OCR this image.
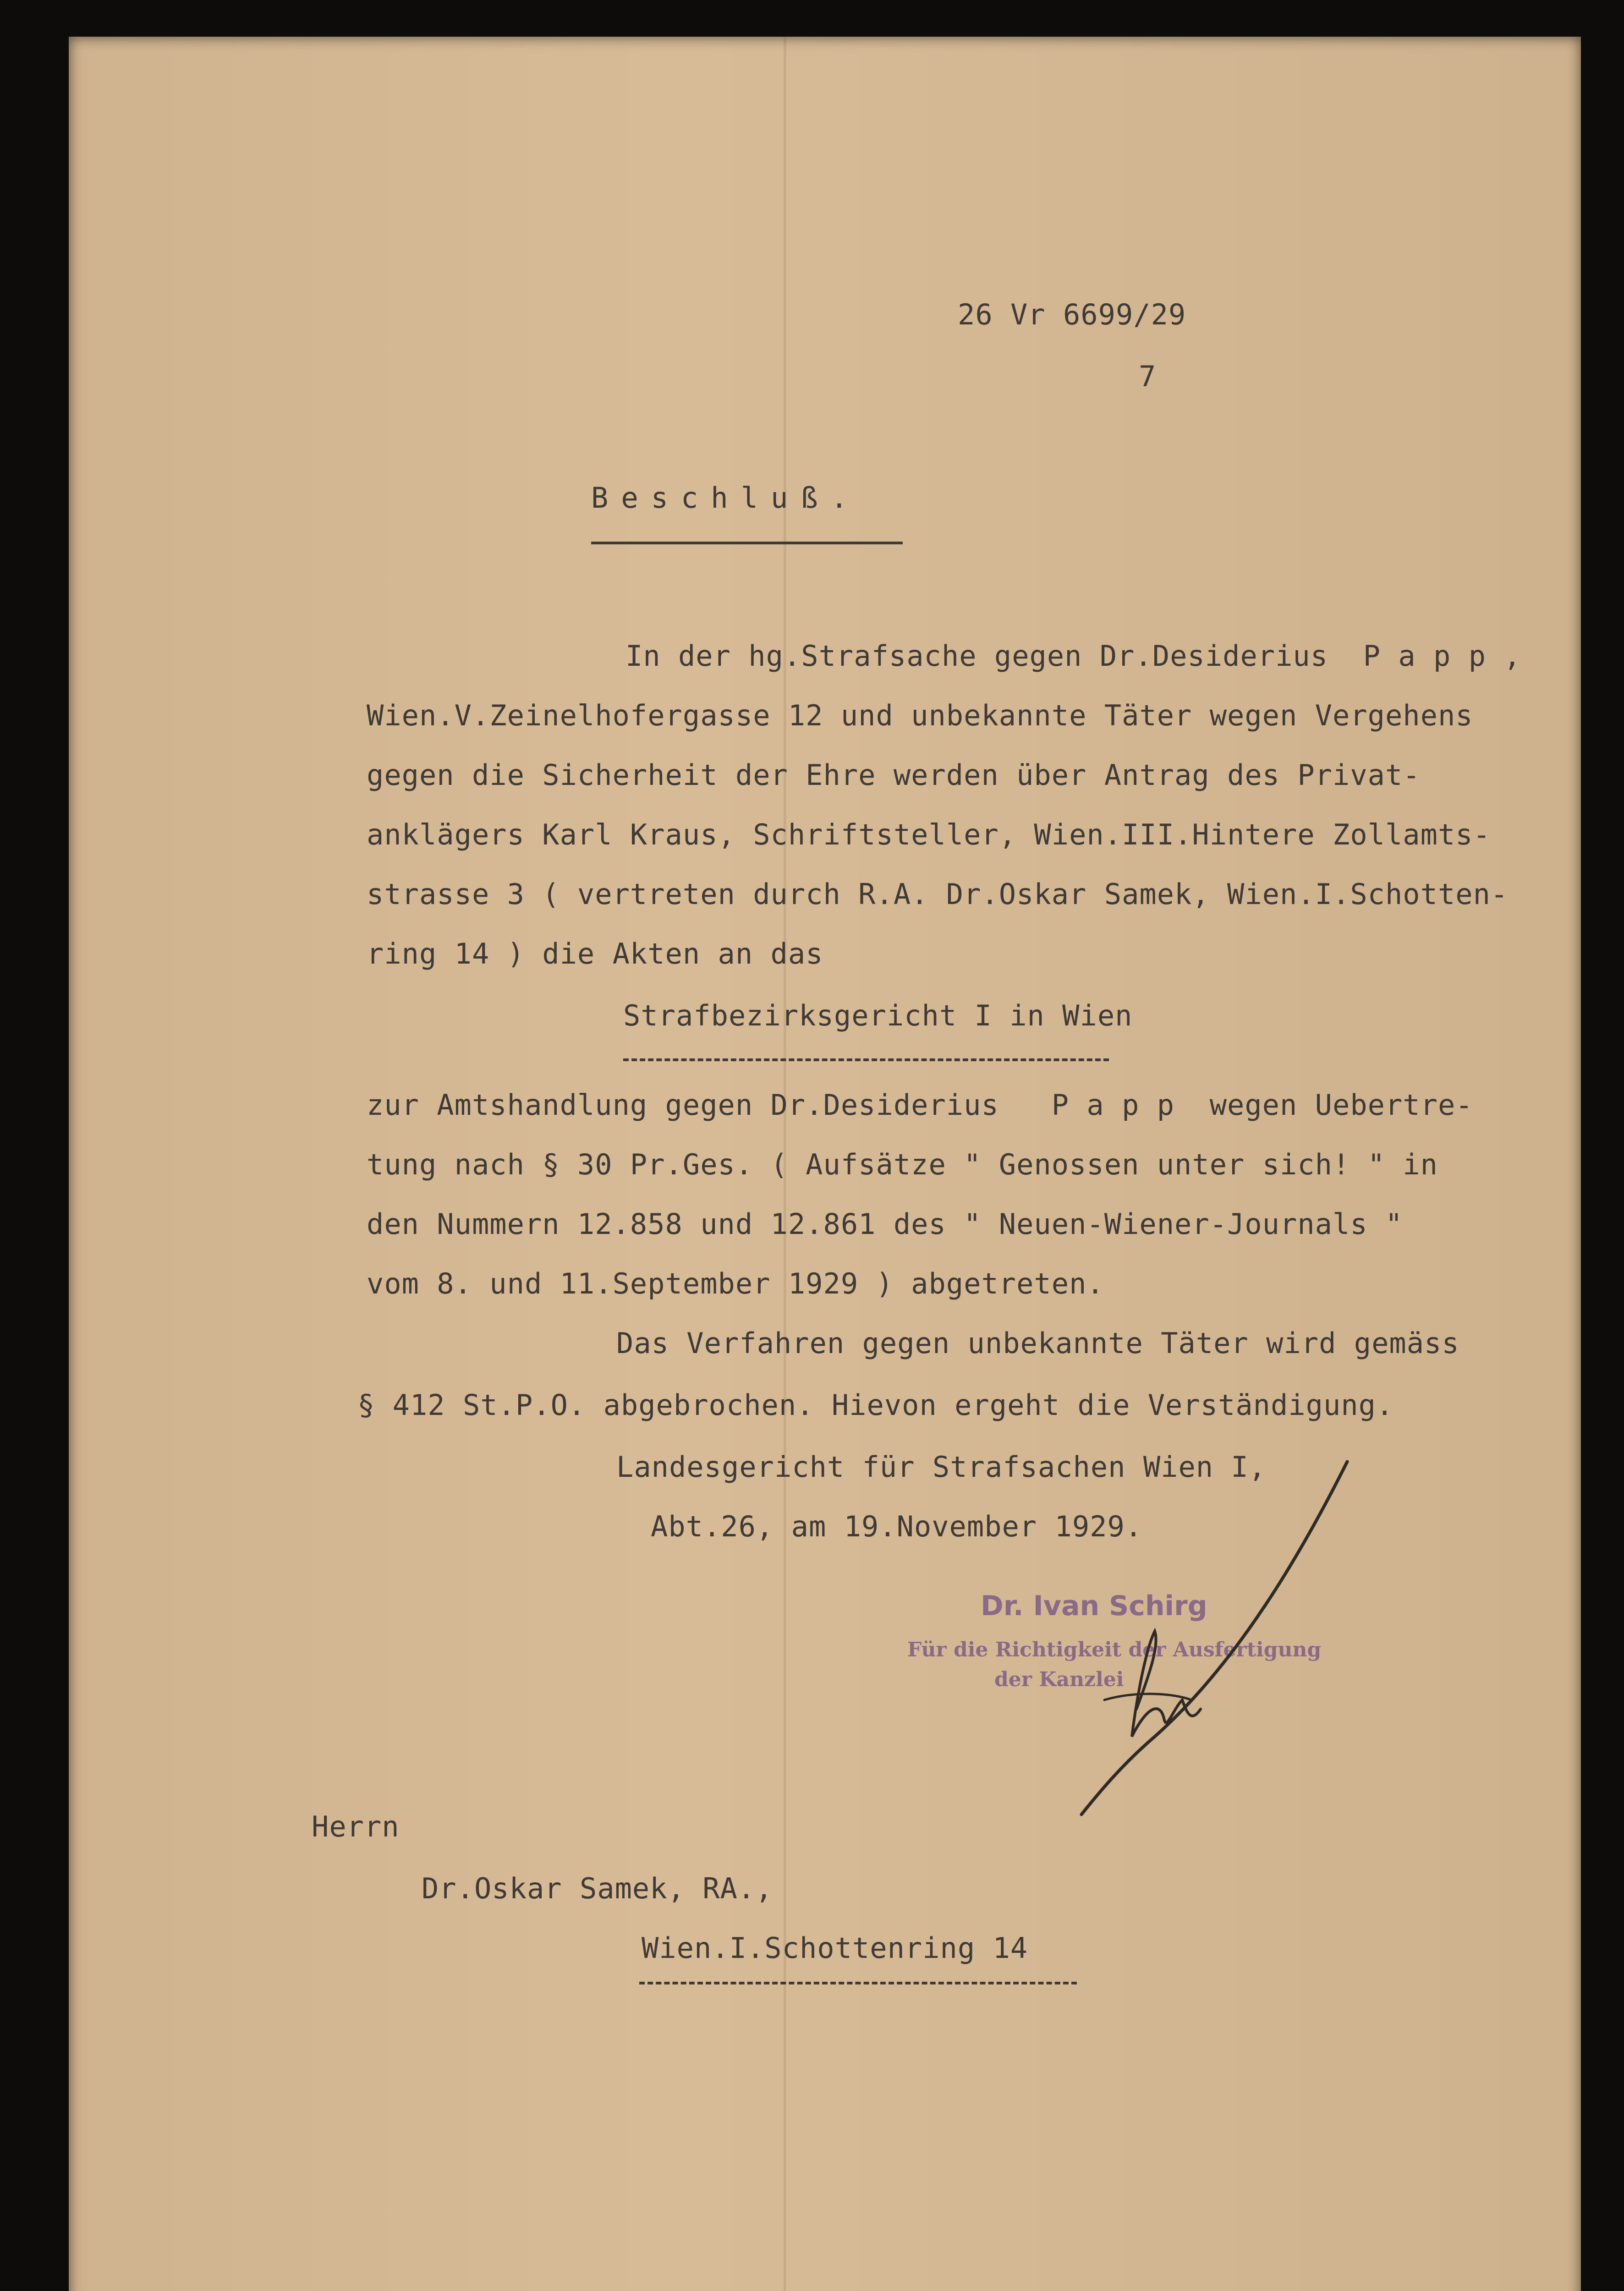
26 Vr 6699/29
7
Beschluß.
In der hg.Strafsache gegen Dr.Desiderius  P a p p ,
Wien.V.Zeinelhofergasse 12 und unbekannte Täter wegen Vergehens
gegen die Sicherheit der Ehre werden über Antrag des Privat-
anklägers Karl Kraus, Schriftsteller, Wien.III.Hintere Zollamts-
strasse 3 ( vertreten durch R.A. Dr.Oskar Samek, Wien.I.Schotten-
ring 14 ) die Akten an das
Strafbezirksgericht I in Wien
zur Amtshandlung gegen Dr.Desiderius   P a p p  wegen Uebertre-
tung nach § 30 Pr.Ges. ( Aufsätze " Genossen unter sich! " in
den Nummern 12.858 und 12.861 des " Neuen-Wiener-Journals "
vom 8. und 11.September 1929 ) abgetreten.
Das Verfahren gegen unbekannte Täter wird gemäss
§ 412 St.P.O. abgebrochen. Hievon ergeht die Verständigung.
Landesgericht für Strafsachen Wien I,
Abt.26, am 19.November 1929.
Dr. Ivan Schirg
Für die Richtigkeit der Ausfertigung
der Kanzlei
Herrn
Dr.Oskar Samek, RA.,
Wien.I.Schottenring 14
